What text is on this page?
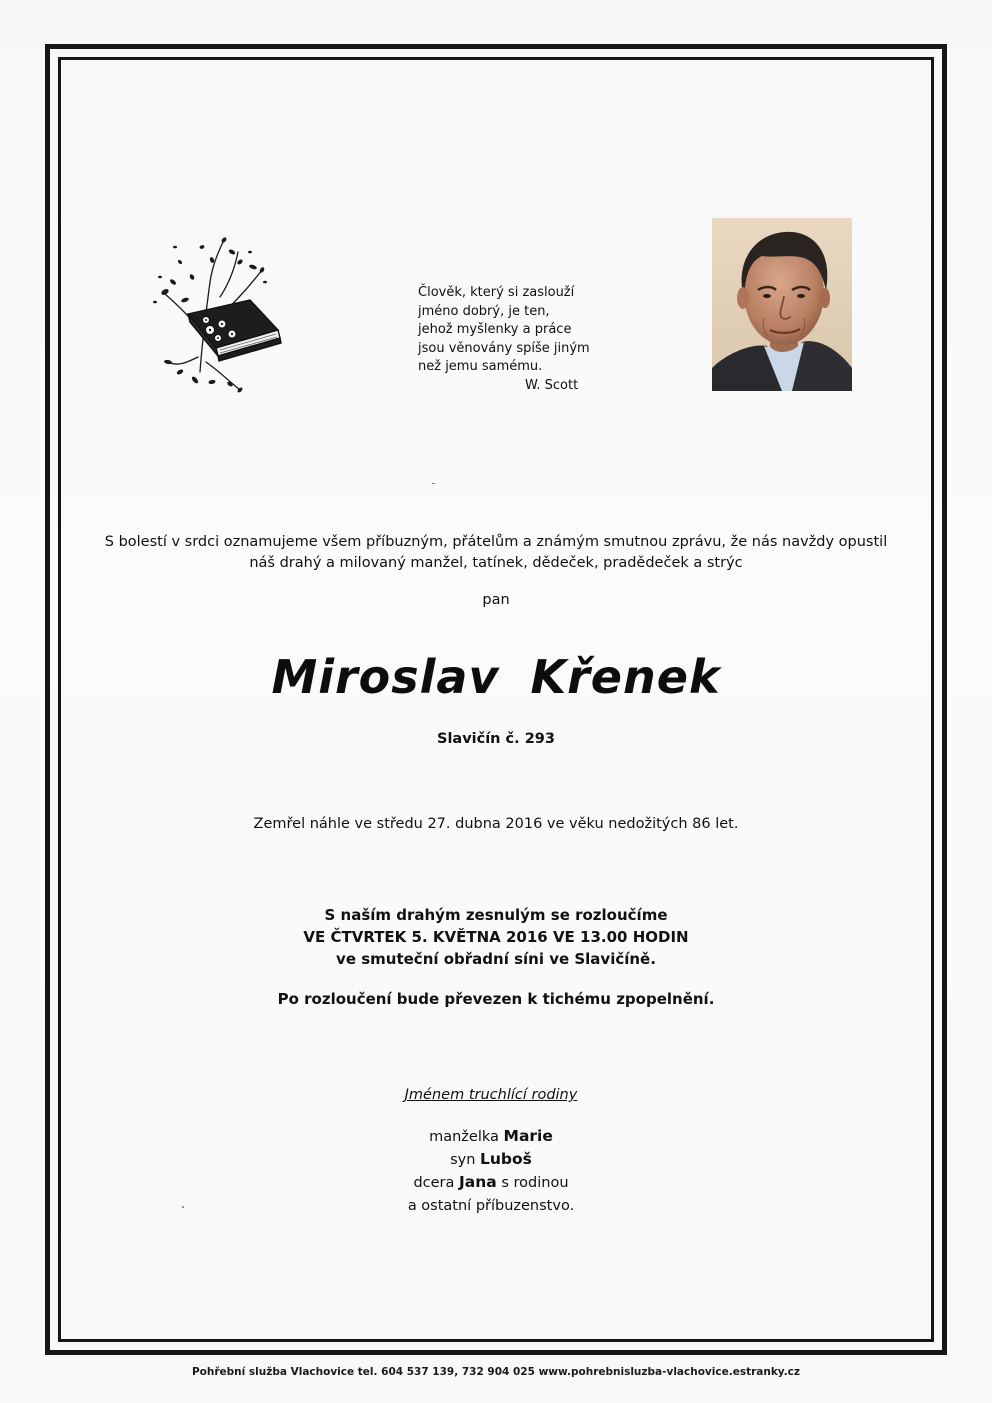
Člověk, který si zaslouží
jméno dobrý, je ten,
jehož myšlenky a práce
jsou věnovány spíše jiným
než jemu samému.
W. Scott
S bolestí v srdci oznamujeme všem příbuzným, přátelům a známým smutnou zprávu, že nás navždy opustil
náš drahý a milovaný manžel, tatínek, dědeček, pradědeček a strýc
pan
Miroslav Křenek
Slavičín č. 293
Zemřel náhle ve středu 27. dubna 2016 ve věku nedožitých 86 let.
S naším drahým zesnulým se rozloučíme
VE ČTVRTEK 5. KVĚTNA 2016 VE 13.00 HODIN
ve smuteční obřadní síni ve Slavičíně.
Po rozloučení bude převezen k tichému zpopelnění.
Jménem truchlící rodiny
manželka Marie
syn Luboš
dcera Jana s rodinou
a ostatní příbuzenstvo.
Pohřební služba Vlachovice tel. 604 537 139, 732 904 025 www.pohrebnisluzba-vlachovice.estranky.cz
